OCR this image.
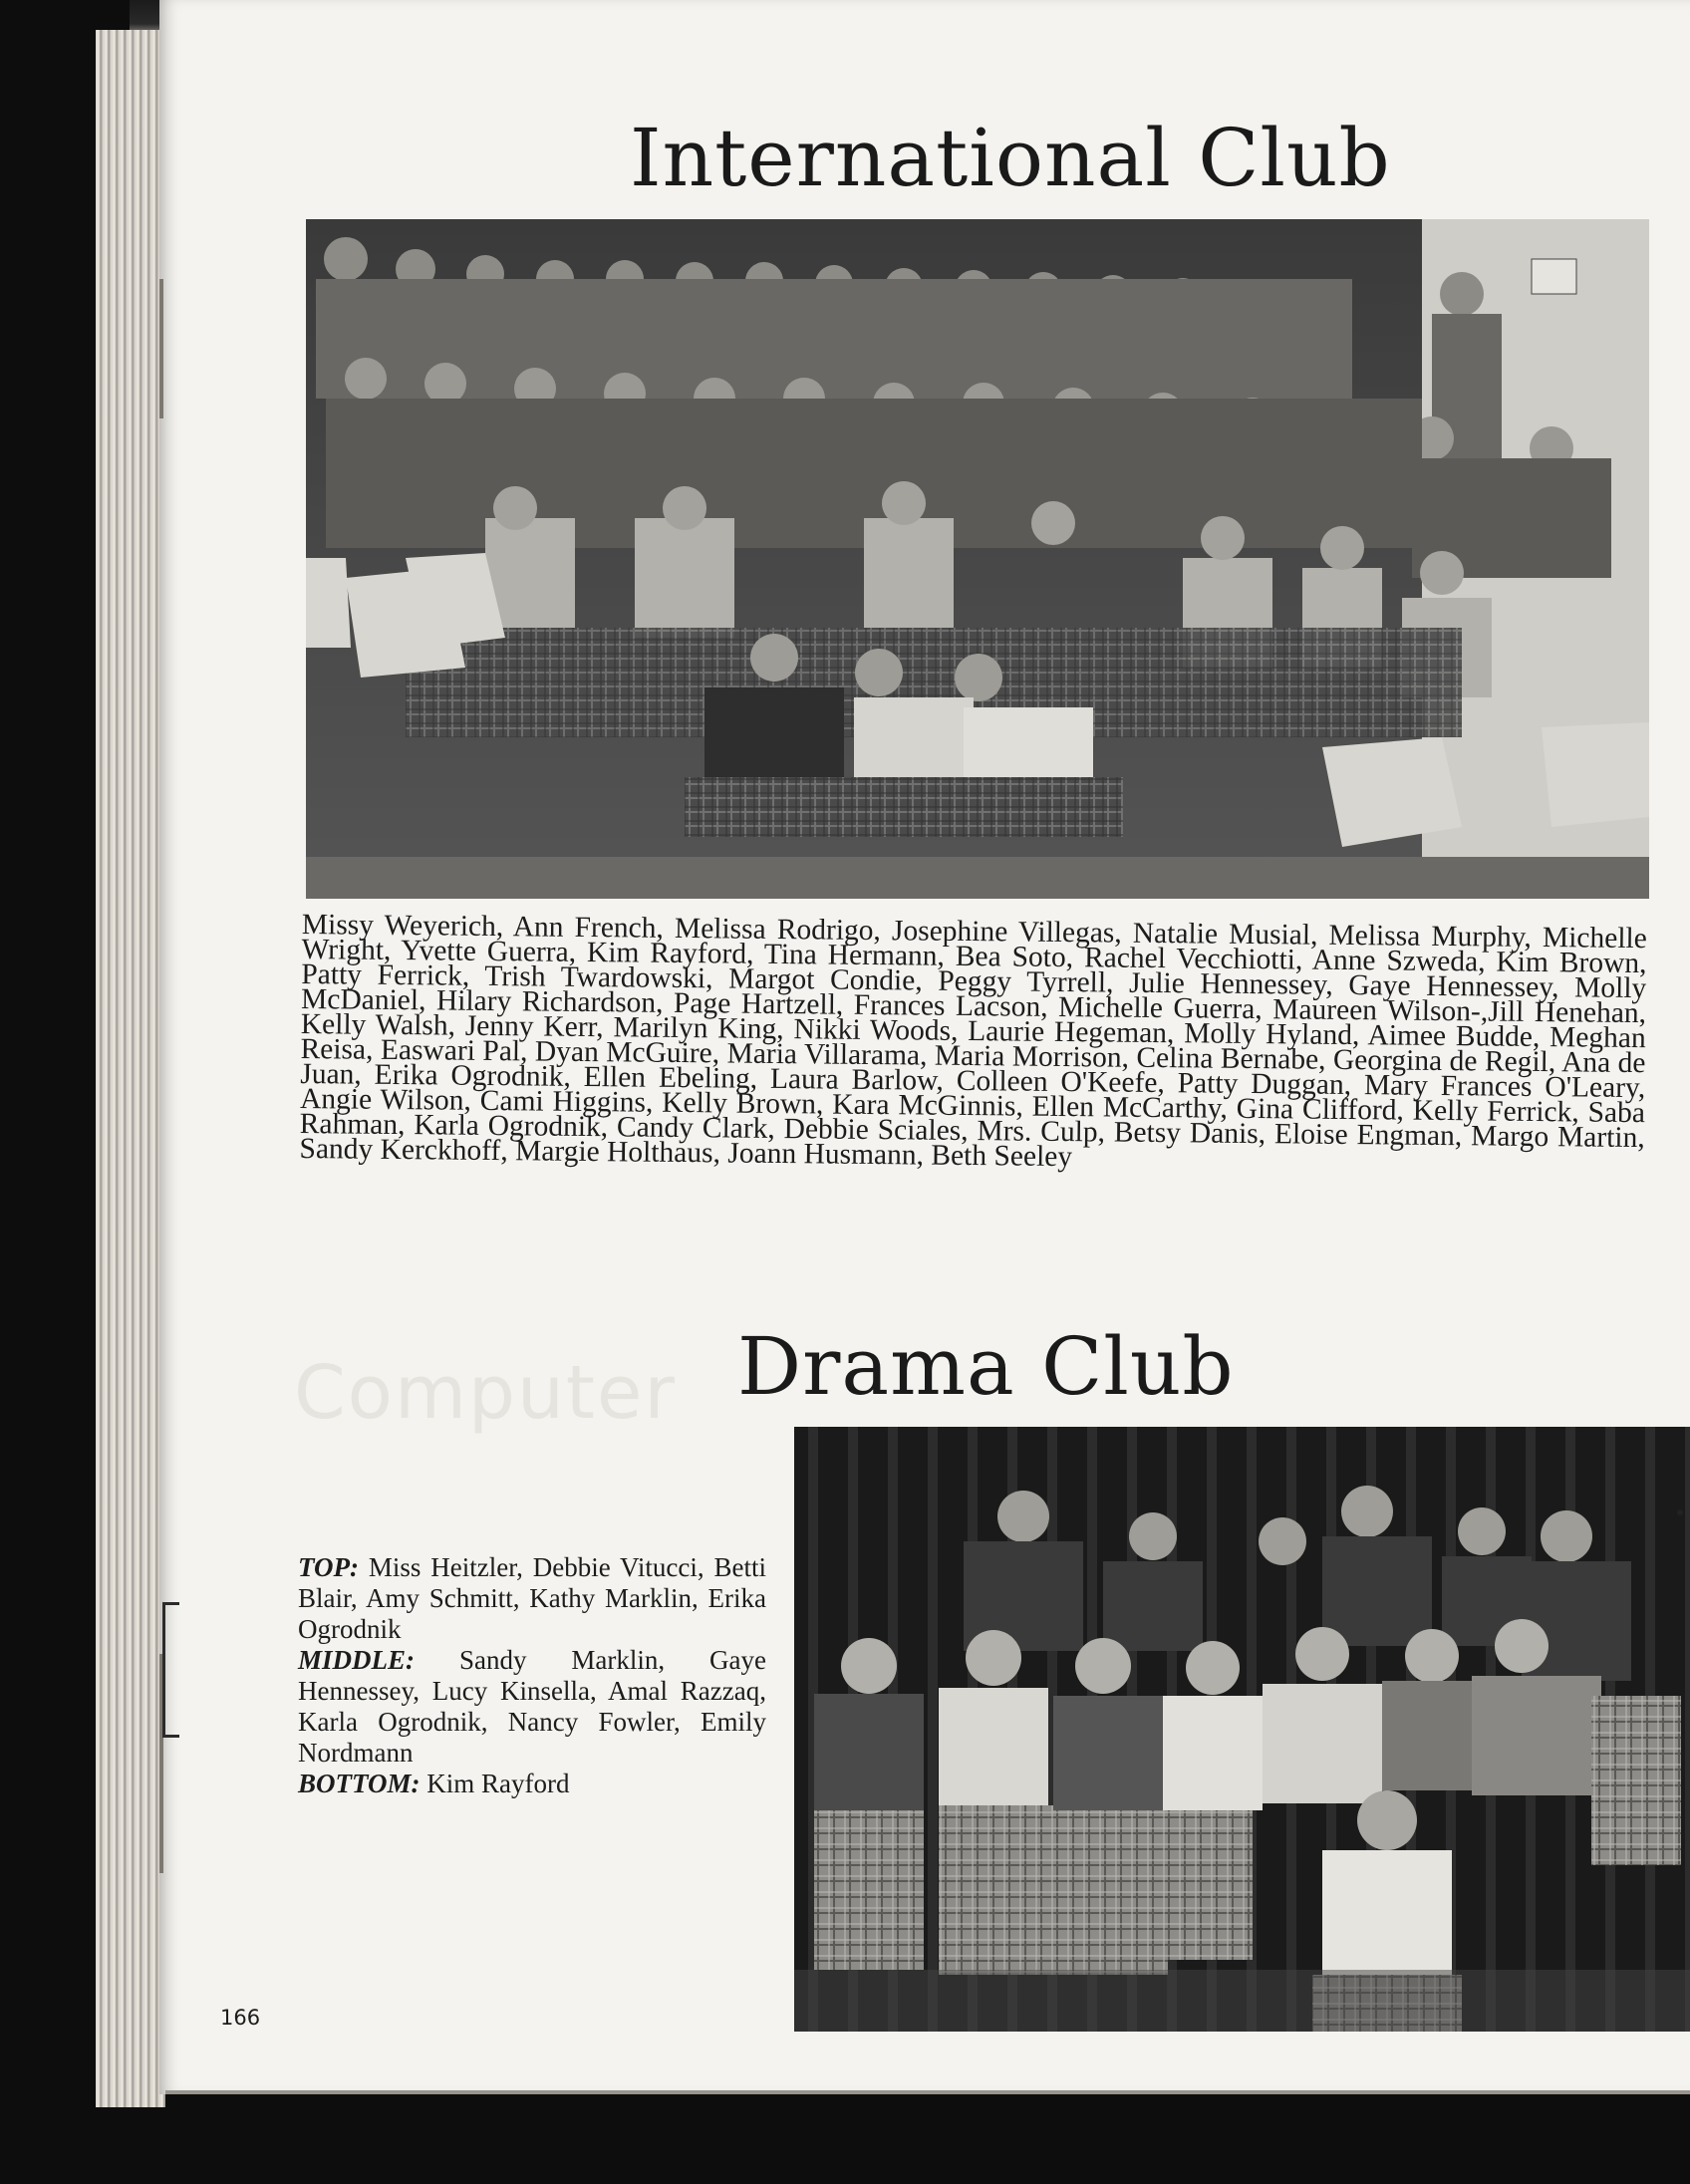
Computer
International Club

Missy Weyerich, Ann French, Melissa Rodrigo, Josephine Villegas, Natalie Musial, Melissa Murphy, Michelle Wright, Yvette Guerra, Kim Rayford, Tina Hermann, Bea Soto, Rachel Vecchiotti, Anne Szweda, Kim Brown, Patty Ferrick, Trish Twardowski, Margot Condie, Peggy Tyrrell, Julie Hennessey, Gaye Hennessey, Molly McDaniel, Hilary Richardson, Page Hartzell, Frances Lacson, Michelle Guerra, Maureen Wilson-,Jill Henehan, Kelly Walsh, Jenny Kerr, Marilyn King, Nikki Woods, Laurie Hegeman, Molly Hyland, Aimee Budde, Meghan Reisa, Easwari Pal, Dyan McGuire, Maria Villarama, Maria Morrison, Celina Bernabe, Georgina de Regil, Ana de Juan, Erika Ogrodnik, Ellen Ebeling, Laura Barlow, Colleen O'Keefe, Patty Duggan, Mary Frances O'Leary, Angie Wilson, Cami Higgins, Kelly Brown, Kara McGinnis, Ellen McCarthy, Gina Clifford, Kelly Ferrick, Saba Rahman, Karla Ogrodnik, Candy Clark, Debbie Sciales, Mrs. Culp, Betsy Danis, Eloise Engman, Margo Martin, Sandy Kerckhoff, Margie Holthaus, Joann Husmann, Beth Seeley

Drama Club
TOP: Miss Heitzler, Debbie Vitucci, Betti Blair, Amy Schmitt, Kathy Marklin, Erika Ogrodnik
MIDDLE: Sandy Marklin, Gaye Hennessey, Lucy Kinsella, Amal Razzaq, Karla Ogrodnik, Nancy Fowler, Emily Nordmann
BOTTOM: Kim Rayford
166
